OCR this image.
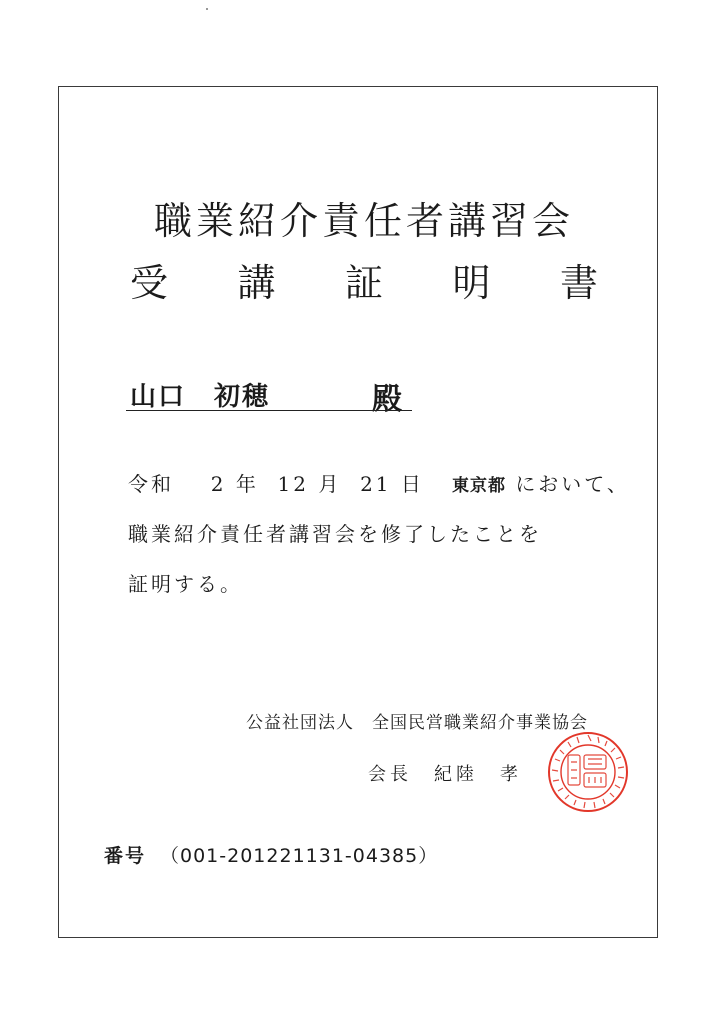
職業紹介責任者講習会
受 講 証 明 書
山口　初穂	殿
令和 2 年 12 月 21 日 東京都 において、
職業紹介責任者講習会を修了したことを
証明する。
公益社団法人　全国民営職業紹介事業協会
会長　紀陸　孝
番号 （001-201221131-04385）
